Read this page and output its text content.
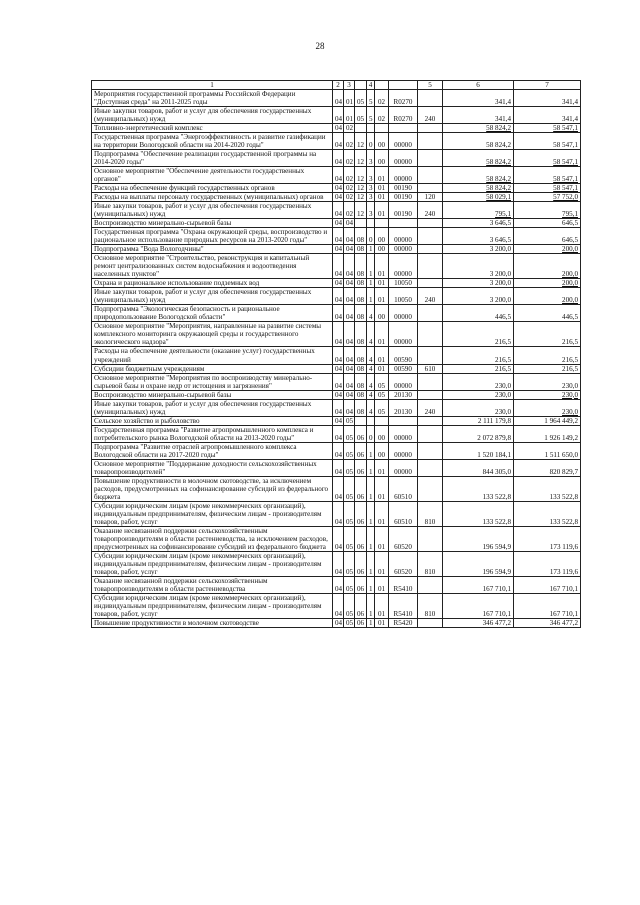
28
1	2	3		4			5	6	7
Мероприятия государственной программы Российской Федерации "Доступная среда" на 2011-2025 годы	04	01	05	5	02	R0270		341,4	341,4
Иные закупки товаров, работ и услуг для обеспечения государственных (муниципальных) нужд	04	01	05	5	02	R0270	240	341,4	341,4
Топливно-энергетический комплекс	04	02						58 824,2	58 547,1
Государственная программа "Энергоэффективность и развитие газификации на территории Вологодской области на 2014-2020 годы"	04	02	12	0	00	00000		58 824,2	58 547,1
Подпрограмма "Обеспечение реализации государственной программы на 2014-2020 годы"	04	02	12	3	00	00000		58 824,2	58 547,1
Основное мероприятие "Обеспечение деятельности государственных органов"	04	02	12	3	01	00000		58 824,2	58 547,1
Расходы на обеспечение функций государственных органов	04	02	12	3	01	00190		58 824,2	58 547,1
Расходы на выплаты персоналу государственных (муниципальных) органов	04	02	12	3	01	00190	120	58 029,1	57 752,0
Иные закупки товаров, работ и услуг для обеспечения государственных (муниципальных) нужд	04	02	12	3	01	00190	240	795,1	795,1
Воспроизводство минерально-сырьевой базы	04	04						3 646,5	646,5
Государственная программа "Охрана окружающей среды, воспроизводство и рациональное использование природных ресурсов на 2013-2020 годы"	04	04	08	0	00	00000		3 646,5	646,5
Подпрограмма "Вода Вологодчины"	04	04	08	1	00	00000		3 200,0	200,0
Основное мероприятие "Строительство, реконструкция и капитальный ремонт централизованных систем водоснабжения и водоотведения населенных пунктов"	04	04	08	1	01	00000		3 200,0	200,0
Охрана и рациональное использование подземных вод	04	04	08	1	01	10050		3 200,0	200,0
Иные закупки товаров, работ и услуг для обеспечения государственных (муниципальных) нужд	04	04	08	1	01	10050	240	3 200,0	200,0
Подпрограмма "Экологическая безопасность и рациональное природопользование Вологодской области"	04	04	08	4	00	00000		446,5	446,5
Основное мероприятие "Мероприятия, направленные на развитие системы комплексного мониторинга окружающей среды и государственного экологического надзора"	04	04	08	4	01	00000		216,5	216,5
Расходы на обеспечение деятельности (оказание услуг) государственных учреждений	04	04	08	4	01	00590		216,5	216,5
Субсидии бюджетным учреждениям	04	04	08	4	01	00590	610	216,5	216,5
Основное мероприятие "Мероприятия по воспроизводству минерально-сырьевой базы и охране недр от истощения и загрязнения"	04	04	08	4	05	00000		230,0	230,0
Воспроизводство минерально-сырьевой базы	04	04	08	4	05	20130		230,0	230,0
Иные закупки товаров, работ и услуг для обеспечения государственных (муниципальных) нужд	04	04	08	4	05	20130	240	230,0	230,0
Сельское хозяйство и рыболовство	04	05						2 111 179,8	1 964 449,2
Государственная программа "Развитие агропромышленного комплекса и потребительского рынка Вологодской области на 2013-2020 годы"	04	05	06	0	00	00000		2 072 879,8	1 926 149,2
Подпрограмма "Развитие отраслей агропромышленного комплекса Вологодской области на 2017-2020 годы"	04	05	06	1	00	00000		1 520 184,1	1 511 650,0
Основное мероприятие "Поддержание доходности сельскохозяйственных товаропроизводителей"	04	05	06	1	01	00000		844 305,0	820 829,7
Повышение продуктивности в молочном скотоводстве, за исключением расходов, предусмотренных на софинансирование субсидий из федерального бюджета	04	05	06	1	01	60510		133 522,8	133 522,8
Субсидии юридическим лицам (кроме некоммерческих организаций), индивидуальным предпринимателям, физическим лицам - производителям товаров, работ, услуг	04	05	06	1	01	60510	810	133 522,8	133 522,8
Оказание несвязанной поддержки сельскохозяйственным товаропроизводителям в области растениеводства, за исключением расходов, предусмотренных на софинансирование субсидий из федерального бюджета	04	05	06	1	01	60520		196 594,9	173 119,6
Субсидии юридическим лицам (кроме некоммерческих организаций), индивидуальным предпринимателям, физическим лицам - производителям товаров, работ, услуг	04	05	06	1	01	60520	810	196 594,9	173 119,6
Оказание несвязанной поддержки сельскохозяйственным товаропроизводителям в области растениеводства	04	05	06	1	01	R5410		167 710,1	167 710,1
Субсидии юридическим лицам (кроме некоммерческих организаций), индивидуальным предпринимателям, физическим лицам - производителям товаров, работ, услуг	04	05	06	1	01	R5410	810	167 710,1	167 710,1
Повышение продуктивности в молочном скотоводстве	04	05	06	1	01	R5420		346 477,2	346 477,2
